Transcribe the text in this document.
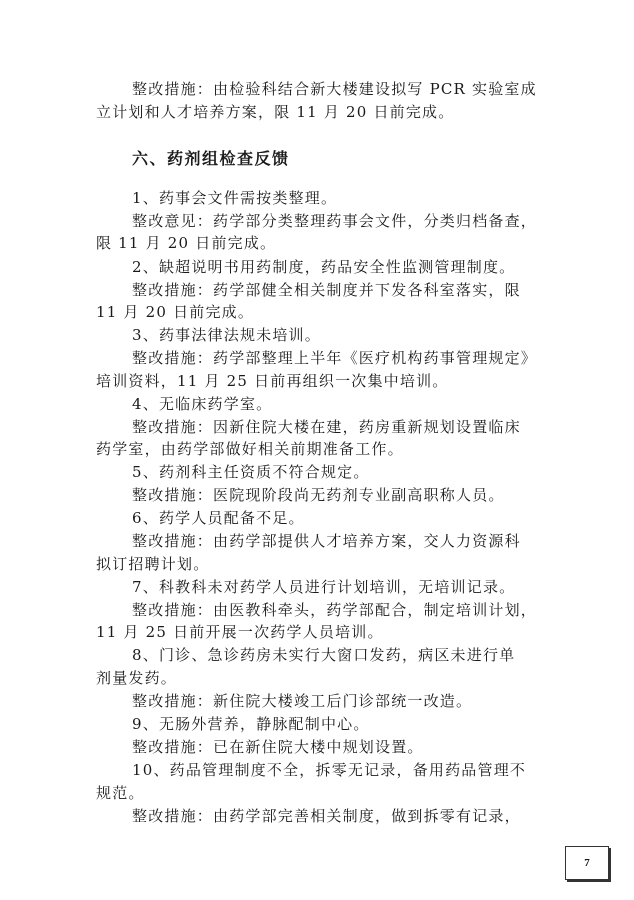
整改措施：由检验科结合新大楼建设拟写 PCR 实验室成
立计划和人才培养方案，限 11 月 20 日前完成。
六、药剂组检查反馈
1、药事会文件需按类整理。
整改意见：药学部分类整理药事会文件，分类归档备查，
限 11 月 20 日前完成。
2、缺超说明书用药制度，药品安全性监测管理制度。
整改措施：药学部健全相关制度并下发各科室落实，限
11 月 20 日前完成。
3、药事法律法规未培训。
整改措施：药学部整理上半年《医疗机构药事管理规定》
培训资料，11 月 25 日前再组织一次集中培训。
4、无临床药学室。
整改措施：因新住院大楼在建，药房重新规划设置临床
药学室，由药学部做好相关前期准备工作。
5、药剂科主任资质不符合规定。
整改措施：医院现阶段尚无药剂专业副高职称人员。
6、药学人员配备不足。
整改措施：由药学部提供人才培养方案，交人力资源科
拟订招聘计划。
7、科教科未对药学人员进行计划培训，无培训记录。
整改措施：由医教科牵头，药学部配合，制定培训计划，
11 月 25 日前开展一次药学人员培训。
8、门诊、急诊药房未实行大窗口发药，病区未进行单
剂量发药。
整改措施：新住院大楼竣工后门诊部统一改造。
9、无肠外营养，静脉配制中心。
整改措施：已在新住院大楼中规划设置。
10、药品管理制度不全，拆零无记录，备用药品管理不
规范。
整改措施：由药学部完善相关制度，做到拆零有记录，
7
